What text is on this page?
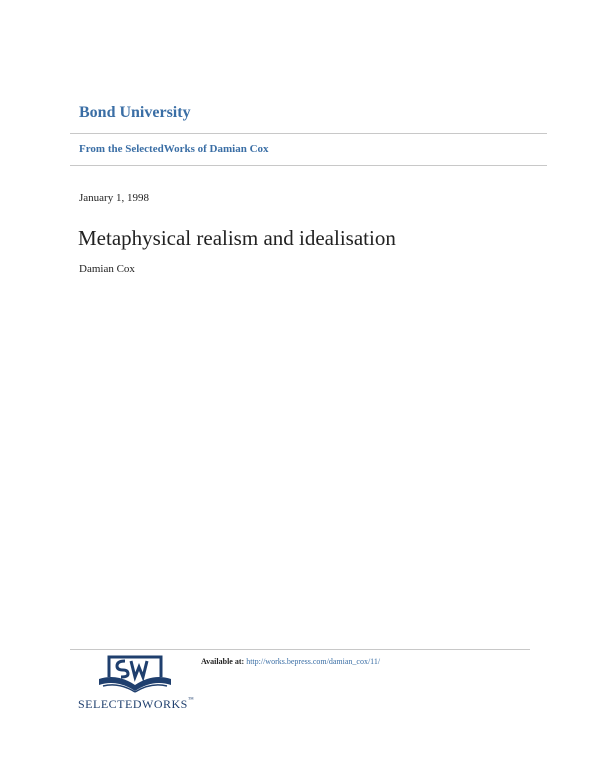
Bond University
From the SelectedWorks of Damian Cox
January 1, 1998
Metaphysical realism and idealisation
Damian Cox
SELECTEDWORKS™
Available at: http://works.bepress.com/damian_cox/11/
